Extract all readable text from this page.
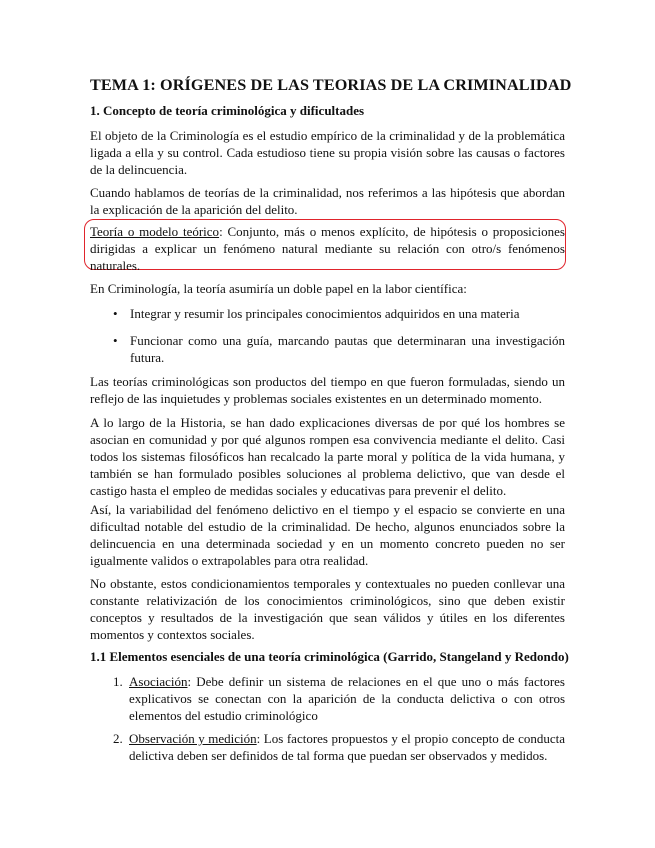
TEMA 1: ORÍGENES DE LAS TEORIAS DE LA CRIMINALIDAD
1. Concepto de teoría criminológica y dificultades

El objeto de la Criminología es el estudio empírico de la criminalidad y de la problemática ligada a ella y su control. Cada estudioso tiene su propia visión sobre las causas o factores de la delincuencia.

Cuando hablamos de teorías de la criminalidad, nos referimos a las hipótesis que abordan la explicación de la aparición del delito.

Teoría o modelo teórico: Conjunto, más o menos explícito, de hipótesis o proposiciones dirigidas a explicar un fenómeno natural mediante su relación con otro/s fenómenos naturales.

En Criminología, la teoría asumiría un doble papel en la labor científica:

• Integrar y resumir los principales conocimientos adquiridos en una materia
• Funcionar como una guía, marcando pautas que determinaran una investigación futura.

Las teorías criminológicas son productos del tiempo en que fueron formuladas, siendo un reflejo de las inquietudes y problemas sociales existentes en un determinado momento.

A lo largo de la Historia, se han dado explicaciones diversas de por qué los hombres se asocian en comunidad y por qué algunos rompen esa convivencia mediante el delito. Casi todos los sistemas filosóficos han recalcado la parte moral y política de la vida humana, y también se han formulado posibles soluciones al problema delictivo, que van desde el castigo hasta el empleo de medidas sociales y educativas para prevenir el delito.

Así, la variabilidad del fenómeno delictivo en el tiempo y el espacio se convierte en una dificultad notable del estudio de la criminalidad. De hecho, algunos enunciados sobre la delincuencia en una determinada sociedad y en un momento concreto pueden no ser igualmente validos o extrapolables para otra realidad.

No obstante, estos condicionamientos temporales y contextuales no pueden conllevar una constante relativización de los conocimientos criminológicos, sino que deben existir conceptos y resultados de la investigación que sean válidos y útiles en los diferentes momentos y contextos sociales.

1.1 Elementos esenciales de una teoría criminológica (Garrido, Stangeland y Redondo)
1. Asociación: Debe definir un sistema de relaciones en el que uno o más factores explicativos se conectan con la aparición de la conducta delictiva o con otros elementos del estudio criminológico
2. Observación y medición: Los factores propuestos y el propio concepto de conducta delictiva deben ser definidos de tal forma que puedan ser observados y medidos.
